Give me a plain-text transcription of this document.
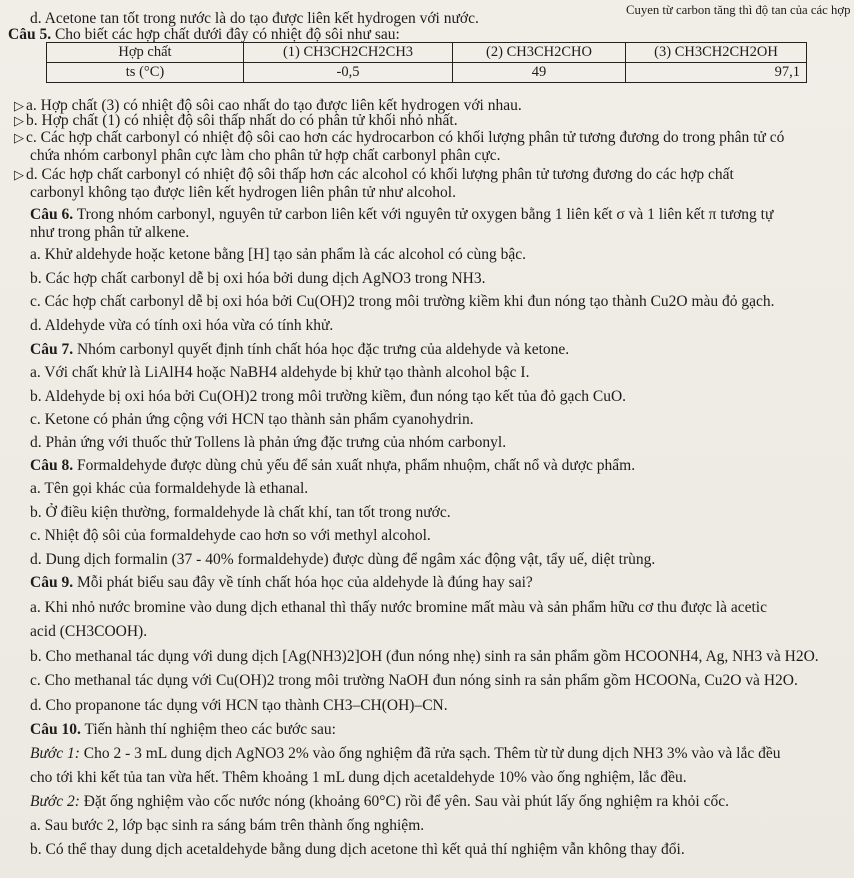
Cuyen từ carbon tăng thì độ tan của các hợp
d. Acetone tan tốt trong nước là do tạo được liên kết hydrogen với nước.
Câu 5. Cho biết các hợp chất dưới đây có nhiệt độ sôi như sau:
Hợp chất	(1) CH3CH2CH2CH3	(2) CH3CH2CHO	(3) CH3CH2CH2OH
ts (°C)	-0,5	49	97,1
▷ a. Hợp chất (3) có nhiệt độ sôi cao nhất do tạo được liên kết hydrogen với nhau.
▷ b. Hợp chất (1) có nhiệt độ sôi thấp nhất do có phân tử khối nhỏ nhất.
▷ c. Các hợp chất carbonyl có nhiệt độ sôi cao hơn các hydrocarbon có khối lượng phân tử tương đương do trong phân tử có
chứa nhóm carbonyl phân cực làm cho phân tử hợp chất carbonyl phân cực.
▷ d. Các hợp chất carbonyl có nhiệt độ sôi thấp hơn các alcohol có khối lượng phân tử tương đương do các hợp chất
carbonyl không tạo được liên kết hydrogen liên phân tử như alcohol.
Câu 6. Trong nhóm carbonyl, nguyên tử carbon liên kết với nguyên tử oxygen bằng 1 liên kết σ và 1 liên kết π tương tự
như trong phân tử alkene.
a. Khử aldehyde hoặc ketone bằng [H] tạo sản phẩm là các alcohol có cùng bậc.
b. Các hợp chất carbonyl dễ bị oxi hóa bởi dung dịch AgNO3 trong NH3.
c. Các hợp chất carbonyl dễ bị oxi hóa bởi Cu(OH)2 trong môi trường kiềm khi đun nóng tạo thành Cu2O màu đỏ gạch.
d. Aldehyde vừa có tính oxi hóa vừa có tính khử.
Câu 7. Nhóm carbonyl quyết định tính chất hóa học đặc trưng của aldehyde và ketone.
a. Với chất khử là LiAlH4 hoặc NaBH4 aldehyde bị khử tạo thành alcohol bậc I.
b. Aldehyde bị oxi hóa bởi Cu(OH)2 trong môi trường kiềm, đun nóng tạo kết tủa đỏ gạch CuO.
c. Ketone có phản ứng cộng với HCN tạo thành sản phẩm cyanohydrin.
d. Phản ứng với thuốc thử Tollens là phản ứng đặc trưng của nhóm carbonyl.
Câu 8. Formaldehyde được dùng chủ yếu để sản xuất nhựa, phẩm nhuộm, chất nổ và dược phẩm.
a. Tên gọi khác của formaldehyde là ethanal.
b. Ở điều kiện thường, formaldehyde là chất khí, tan tốt trong nước.
c. Nhiệt độ sôi của formaldehyde cao hơn so với methyl alcohol.
d. Dung dịch formalin (37 - 40% formaldehyde) được dùng để ngâm xác động vật, tẩy uế, diệt trùng.
Câu 9. Mỗi phát biểu sau đây về tính chất hóa học của aldehyde là đúng hay sai?
a. Khi nhỏ nước bromine vào dung dịch ethanal thì thấy nước bromine mất màu và sản phẩm hữu cơ thu được là acetic
acid (CH3COOH).
b. Cho methanal tác dụng với dung dịch [Ag(NH3)2]OH (đun nóng nhẹ) sinh ra sản phẩm gồm HCOONH4, Ag, NH3 và H2O.
c. Cho methanal tác dụng với Cu(OH)2 trong môi trường NaOH đun nóng sinh ra sản phẩm gồm HCOONa, Cu2O và H2O.
d. Cho propanone tác dụng với HCN tạo thành CH3–CH(OH)–CN.
Câu 10. Tiến hành thí nghiệm theo các bước sau:
Bước 1: Cho 2 - 3 mL dung dịch AgNO3 2% vào ống nghiệm đã rửa sạch. Thêm từ từ dung dịch NH3 3% vào và lắc đều
cho tới khi kết tủa tan vừa hết. Thêm khoảng 1 mL dung dịch acetaldehyde 10% vào ống nghiệm, lắc đều.
Bước 2: Đặt ống nghiệm vào cốc nước nóng (khoảng 60°C) rồi để yên. Sau vài phút lấy ống nghiệm ra khỏi cốc.
a. Sau bước 2, lớp bạc sinh ra sáng bám trên thành ống nghiệm.
b. Có thể thay dung dịch acetaldehyde bằng dung dịch acetone thì kết quả thí nghiệm vẫn không thay đổi.
